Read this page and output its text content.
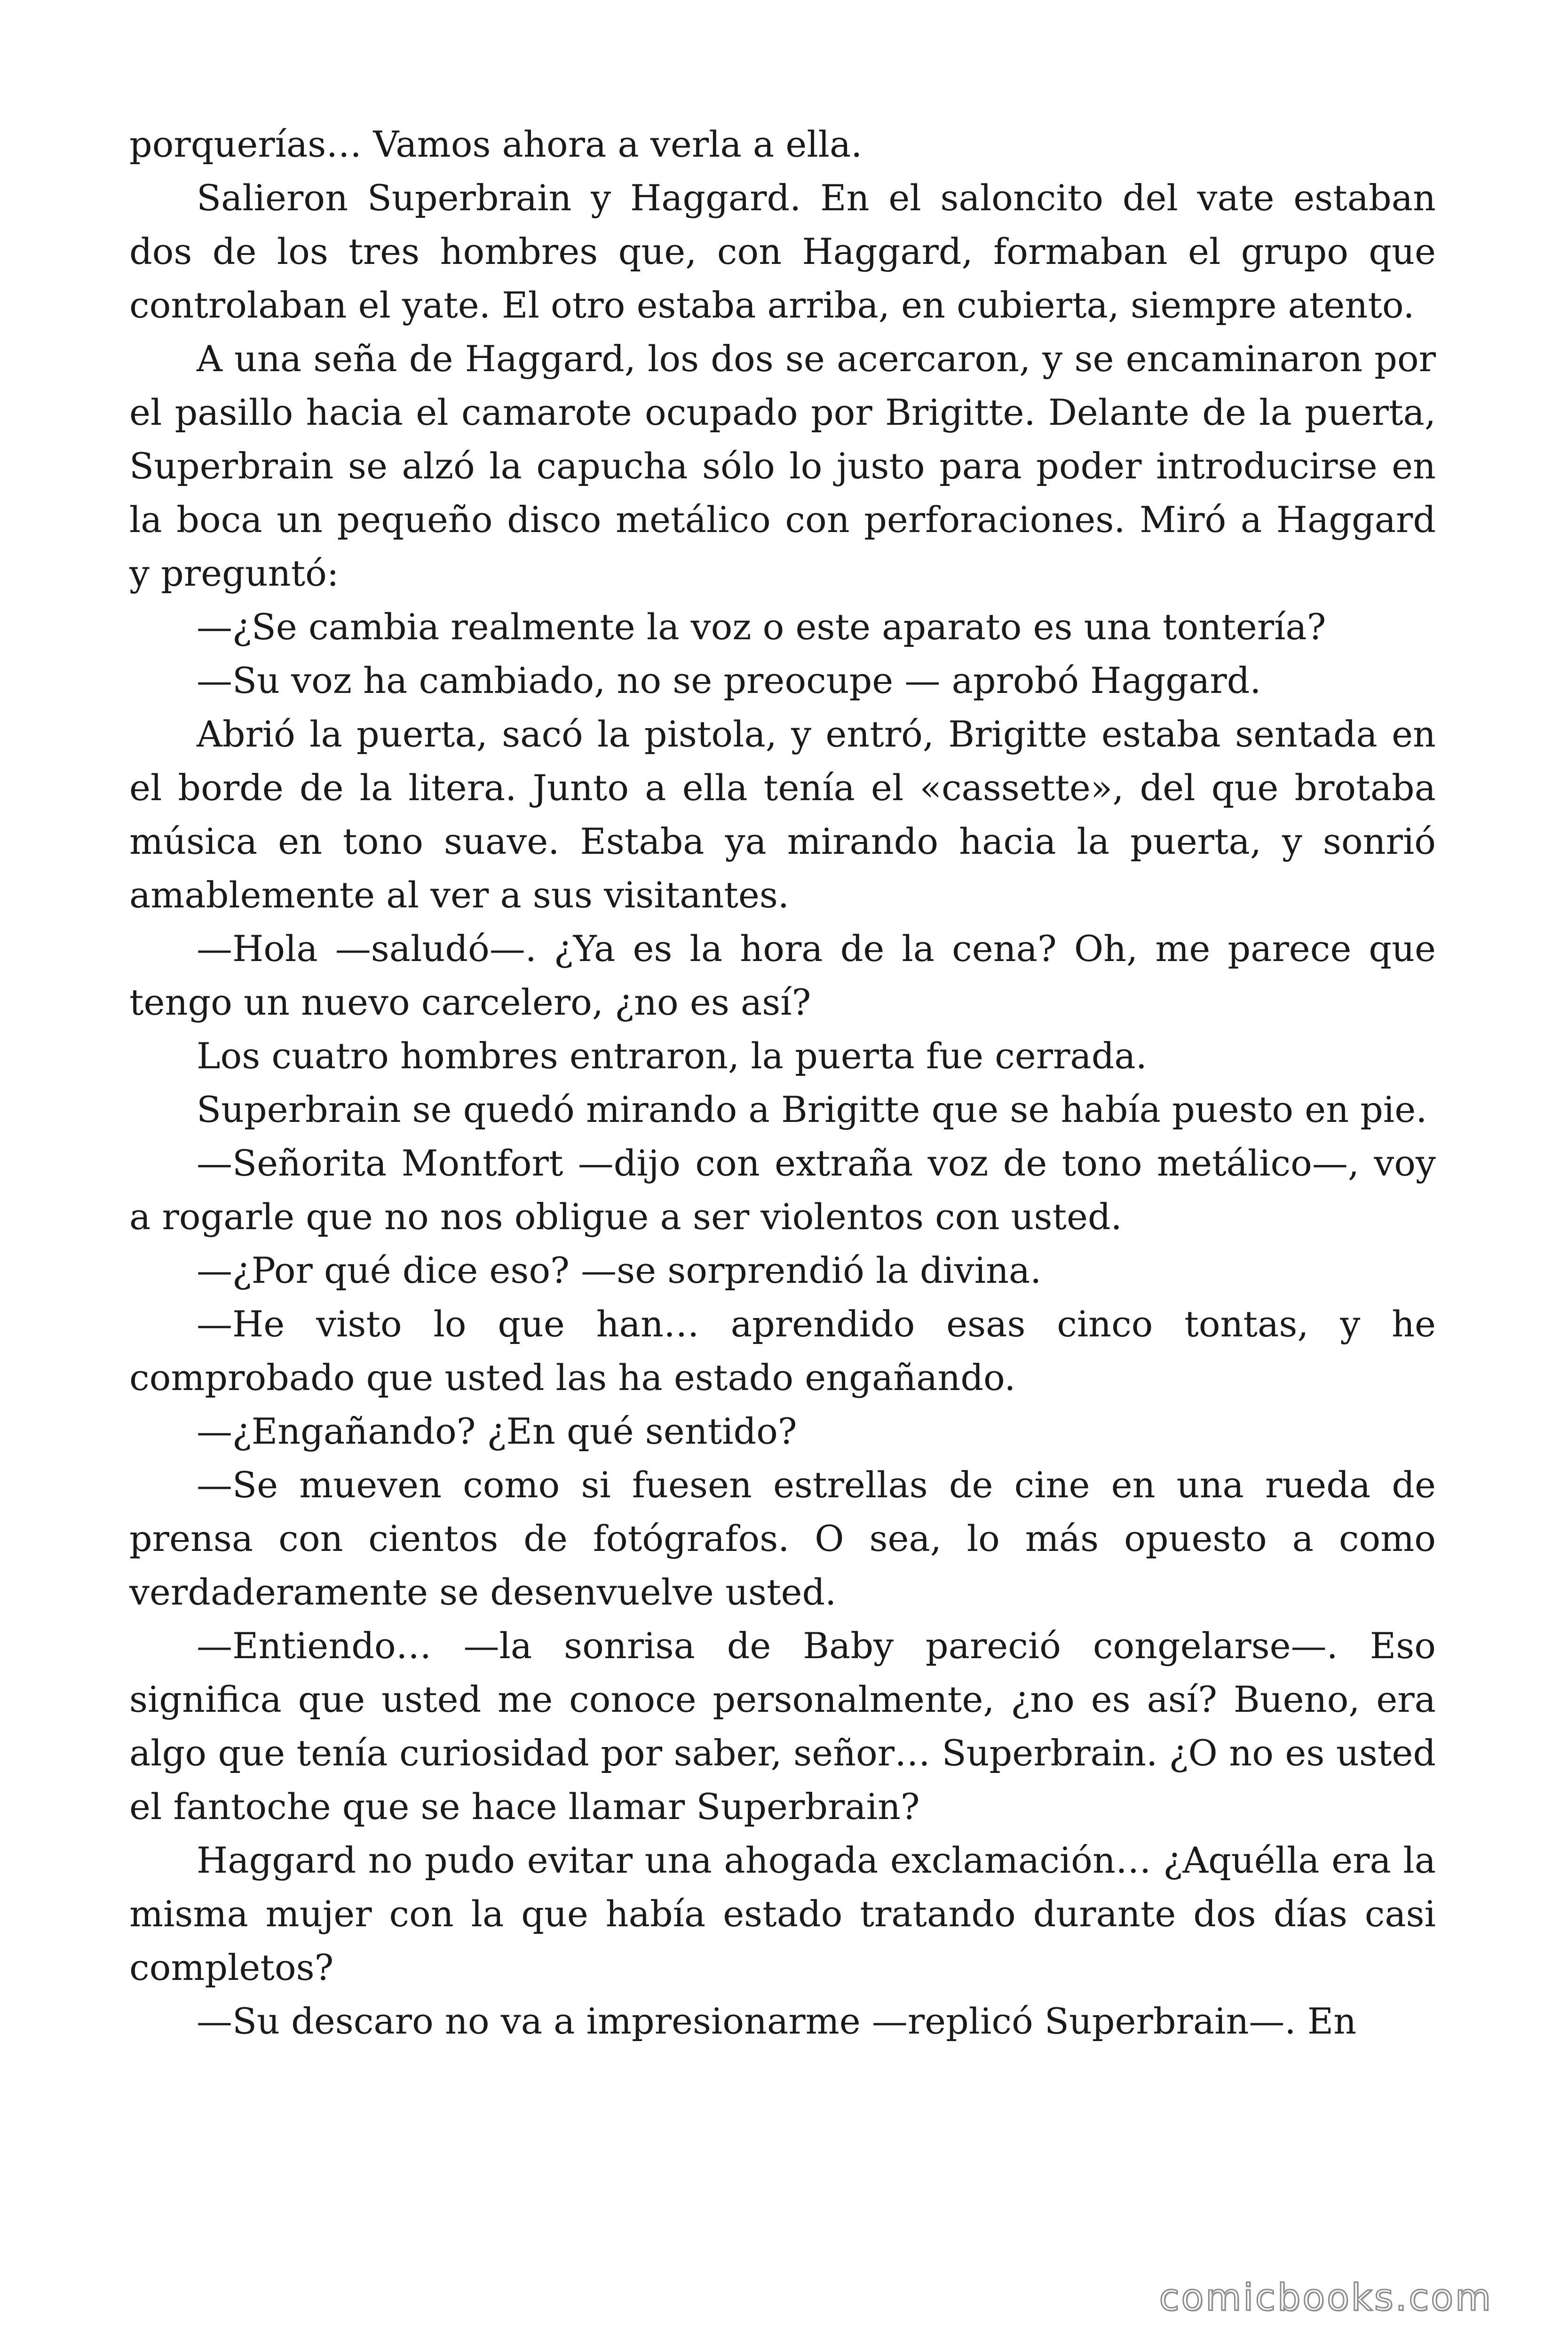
porquerías… Vamos ahora a verla a ella.

Salieron Superbrain y Haggard. En el saloncito del vate estaban dos de los tres hombres que, con Haggard, formaban el grupo que controlaban el yate. El otro estaba arriba, en cubierta, siempre atento.

A una seña de Haggard, los dos se acercaron, y se encaminaron por el pasillo hacia el camarote ocupado por Brigitte. Delante de la puerta, Superbrain se alzó la capucha sólo lo justo para poder introducirse en la boca un pequeño disco metálico con perforaciones. Miró a Haggard y preguntó:

—¿Se cambia realmente la voz o este aparato es una tontería?

—Su voz ha cambiado, no se preocupe — aprobó Haggard.

Abrió la puerta, sacó la pistola, y entró, Brigitte estaba sentada en el borde de la litera. Junto a ella tenía el «cassette», del que brotaba música en tono suave. Estaba ya mirando hacia la puerta, y sonrió amablemente al ver a sus visitantes.

—Hola —saludó—. ¿Ya es la hora de la cena? Oh, me parece que tengo un nuevo carcelero, ¿no es así?

Los cuatro hombres entraron, la puerta fue cerrada.

Superbrain se quedó mirando a Brigitte que se había puesto en pie.

—Señorita Montfort —dijo con extraña voz de tono metálico—, voy a rogarle que no nos obligue a ser violentos con usted.

—¿Por qué dice eso? —se sorprendió la divina.

—He visto lo que han… aprendido esas cinco tontas, y he comprobado que usted las ha estado engañando.

—¿Engañando? ¿En qué sentido?

—Se mueven como si fuesen estrellas de cine en una rueda de prensa con cientos de fotógrafos. O sea, lo más opuesto a como verdaderamente se desenvuelve usted.

—Entiendo… —la sonrisa de Baby pareció congelarse—. Eso significa que usted me conoce personalmente, ¿no es así? Bueno, era algo que tenía curiosidad por saber, señor… Superbrain. ¿O no es usted el fantoche que se hace llamar Superbrain?

Haggard no pudo evitar una ahogada exclamación… ¿Aquélla era la misma mujer con la que había estado tratando durante dos días casi completos?

—Su descaro no va a impresionarme —replicó Superbrain—. En

comicbooks.com
